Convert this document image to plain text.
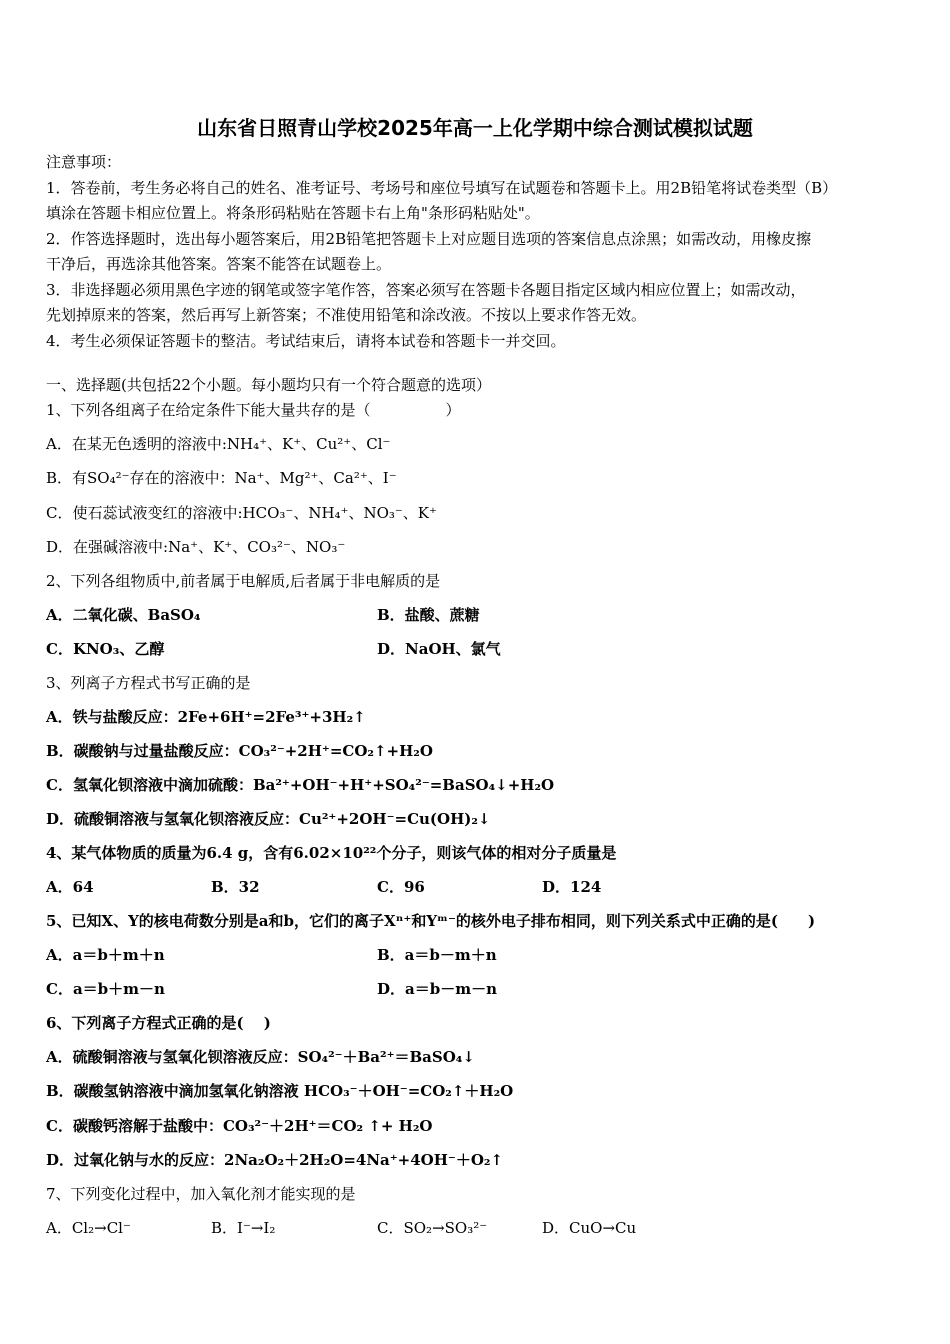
山东省日照青山学校2025年高一上化学期中综合测试模拟试题

注意事项：

1．答卷前，考生务必将自己的姓名、准考证号、考场号和座位号填写在试题卷和答题卡上。用2B铅笔将试卷类型（B）

填涂在答题卡相应位置上。将条形码粘贴在答题卡右上角"条形码粘贴处"。

2．作答选择题时，选出每小题答案后，用2B铅笔把答题卡上对应题目选项的答案信息点涂黑；如需改动，用橡皮擦

干净后，再选涂其他答案。答案不能答在试题卷上。

3．非选择题必须用黑色字迹的钢笔或签字笔作答，答案必须写在答题卡各题目指定区域内相应位置上；如需改动，

先划掉原来的答案，然后再写上新答案；不准使用铅笔和涂改液。不按以上要求作答无效。

4．考生必须保证答题卡的整洁。考试结束后，请将本试卷和答题卡一并交回。

一、选择题(共包括22个小题。每小题均只有一个符合题意的选项）
1、下列各组离子在给定条件下能大量共存的是（　　　　　）
A．在某无色透明的溶液中:NH₄⁺、K⁺、Cu²⁺、Cl⁻
B．有SO₄²⁻存在的溶液中：Na⁺、Mg²⁺、Ca²⁺、I⁻
C．使石蕊试液变红的溶液中:HCO₃⁻、NH₄⁺、NO₃⁻、K⁺
D．在强碱溶液中:Na⁺、K⁺、CO₃²⁻、NO₃⁻
2、下列各组物质中,前者属于电解质,后者属于非电解质的是
A．二氧化碳、BaSO₄	B．盐酸、蔗糖
C．KNO₃、乙醇	D．NaOH、氯气
3、列离子方程式书写正确的是
A．铁与盐酸反应：2Fe+6H⁺=2Fe³⁺+3H₂↑
B．碳酸钠与过量盐酸反应：CO₃²⁻+2H⁺=CO₂↑+H₂O
C．氢氧化钡溶液中滴加硫酸：Ba²⁺+OH⁻+H⁺+SO₄²⁻=BaSO₄↓+H₂O
D．硫酸铜溶液与氢氧化钡溶液反应：Cu²⁺+2OH⁻=Cu(OH)₂↓
4、某气体物质的质量为6.4 g，含有6.02×10²²个分子，则该气体的相对分子质量是
A．64	B．32	C．96	D．124
5、已知X、Y的核电荷数分别是a和b，它们的离子Xⁿ⁺和Yᵐ⁻的核外电子排布相同，则下列关系式中正确的是(　　)
A．a＝b＋m＋n	B．a＝b－m＋n
C．a＝b＋m－n	D．a＝b－m－n
6、下列离子方程式正确的是(　 )
A．硫酸铜溶液与氢氧化钡溶液反应：SO₄²⁻＋Ba²⁺＝BaSO₄↓
B．碳酸氢钠溶液中滴加氢氧化钠溶液 HCO₃⁻＋OH⁻=CO₂↑＋H₂O
C．碳酸钙溶解于盐酸中：CO₃²⁻＋2H⁺＝CO₂ ↑+ H₂O
D．过氧化钠与水的反应：2Na₂O₂＋2H₂O=4Na⁺+4OH⁻＋O₂↑
7、下列变化过程中，加入氧化剂才能实现的是
A．Cl₂→Cl⁻	B．I⁻→I₂	C．SO₂→SO₃²⁻	D．CuO→Cu
